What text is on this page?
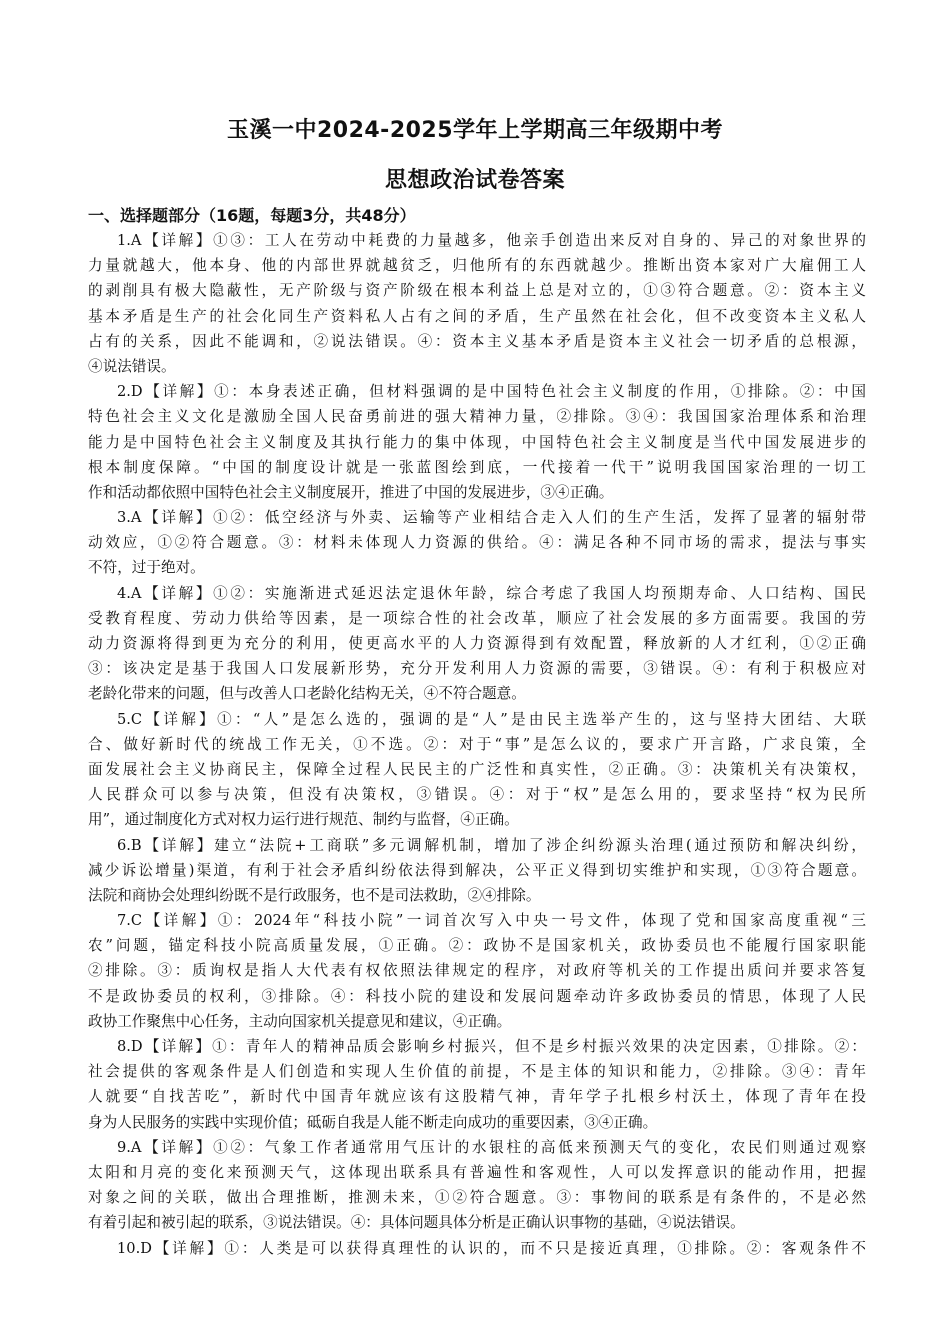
玉溪一中2024-2025学年上学期高三年级期中考
思想政治试卷答案
一、选择题部分（16题，每题3分，共48分）
1.A【详解】①③：工人在劳动中耗费的力量越多，他亲手创造出来反对自身的、异己的对象世界的
力量就越大，他本身、他的内部世界就越贫乏，归他所有的东西就越少。推断出资本家对广大雇佣工人
的剥削具有极大隐蔽性，无产阶级与资产阶级在根本利益上总是对立的，①③符合题意。②：资本主义
基本矛盾是生产的社会化同生产资料私人占有之间的矛盾，生产虽然在社会化，但不改变资本主义私人
占有的关系，因此不能调和，②说法错误。④：资本主义基本矛盾是资本主义社会一切矛盾的总根源，
④说法错误。
2.D【详解】①：本身表述正确，但材料强调的是中国特色社会主义制度的作用，①排除。②：中国
特色社会主义文化是激励全国人民奋勇前进的强大精神力量，②排除。③④：我国国家治理体系和治理
能力是中国特色社会主义制度及其执行能力的集中体现，中国特色社会主义制度是当代中国发展进步的
根本制度保障。“中国的制度设计就是一张蓝图绘到底，一代接着一代干”说明我国国家治理的一切工
作和活动都依照中国特色社会主义制度展开，推进了中国的发展进步，③④正确。
3.A【详解】①②：低空经济与外卖、运输等产业相结合走入人们的生产生活，发挥了显著的辐射带
动效应，①②符合题意。③：材料未体现人力资源的供给。④：满足各种不同市场的需求，提法与事实
不符，过于绝对。
4.A【详解】①②：实施渐进式延迟法定退休年龄，综合考虑了我国人均预期寿命、人口结构、国民
受教育程度、劳动力供给等因素，是一项综合性的社会改革，顺应了社会发展的多方面需要。我国的劳
动力资源将得到更为充分的利用，使更高水平的人力资源得到有效配置，释放新的人才红利，①②正确
③：该决定是基于我国人口发展新形势，充分开发利用人力资源的需要，③错误。④：有利于积极应对
老龄化带来的问题，但与改善人口老龄化结构无关，④不符合题意。
5.C【详解】①：“人”是怎么选的，强调的是“人”是由民主选举产生的，这与坚持大团结、大联
合、做好新时代的统战工作无关，①不选。②：对于“事”是怎么议的，要求广开言路，广求良策，全
面发展社会主义协商民主，保障全过程人民民主的广泛性和真实性，②正确。③：决策机关有决策权，
人民群众可以参与决策，但没有决策权，③错误。④：对于“权”是怎么用的，要求坚持“权为民所
用”，通过制度化方式对权力运行进行规范、制约与监督，④正确。
6.B【详解】建立“法院+工商联”多元调解机制，增加了涉企纠纷源头治理(通过预防和解决纠纷，
减少诉讼增量)渠道，有利于社会矛盾纠纷依法得到解决，公平正义得到切实维护和实现，①③符合题意。
法院和商协会处理纠纷既不是行政服务，也不是司法救助，②④排除。
7.C【详解】①：2024年“科技小院”一词首次写入中央一号文件，体现了党和国家高度重视“三
农”问题，锚定科技小院高质量发展，①正确。②：政协不是国家机关，政协委员也不能履行国家职能
②排除。③：质询权是指人大代表有权依照法律规定的程序，对政府等机关的工作提出质问并要求答复
不是政协委员的权利，③排除。④：科技小院的建设和发展问题牵动许多政协委员的情思，体现了人民
政协工作聚焦中心任务，主动向国家机关提意见和建议，④正确。
8.D【详解】①：青年人的精神品质会影响乡村振兴，但不是乡村振兴效果的决定因素，①排除。②：
社会提供的客观条件是人们创造和实现人生价值的前提，不是主体的知识和能力，②排除。③④：青年
人就要“自找苦吃”，新时代中国青年就应该有这股精气神，青年学子扎根乡村沃土，体现了青年在投
身为人民服务的实践中实现价值；砥砺自我是人能不断走向成功的重要因素，③④正确。
9.A【详解】①②：气象工作者通常用气压计的水银柱的高低来预测天气的变化，农民们则通过观察
太阳和月亮的变化来预测天气，这体现出联系具有普遍性和客观性，人可以发挥意识的能动作用，把握
对象之间的关联，做出合理推断，推测未来，①②符合题意。③：事物间的联系是有条件的，不是必然
有着引起和被引起的联系，③说法错误。④：具体问题具体分析是正确认识事物的基础，④说法错误。
10.D【详解】①：人类是可以获得真理性的认识的，而不只是接近真理，①排除。②：客观条件不
